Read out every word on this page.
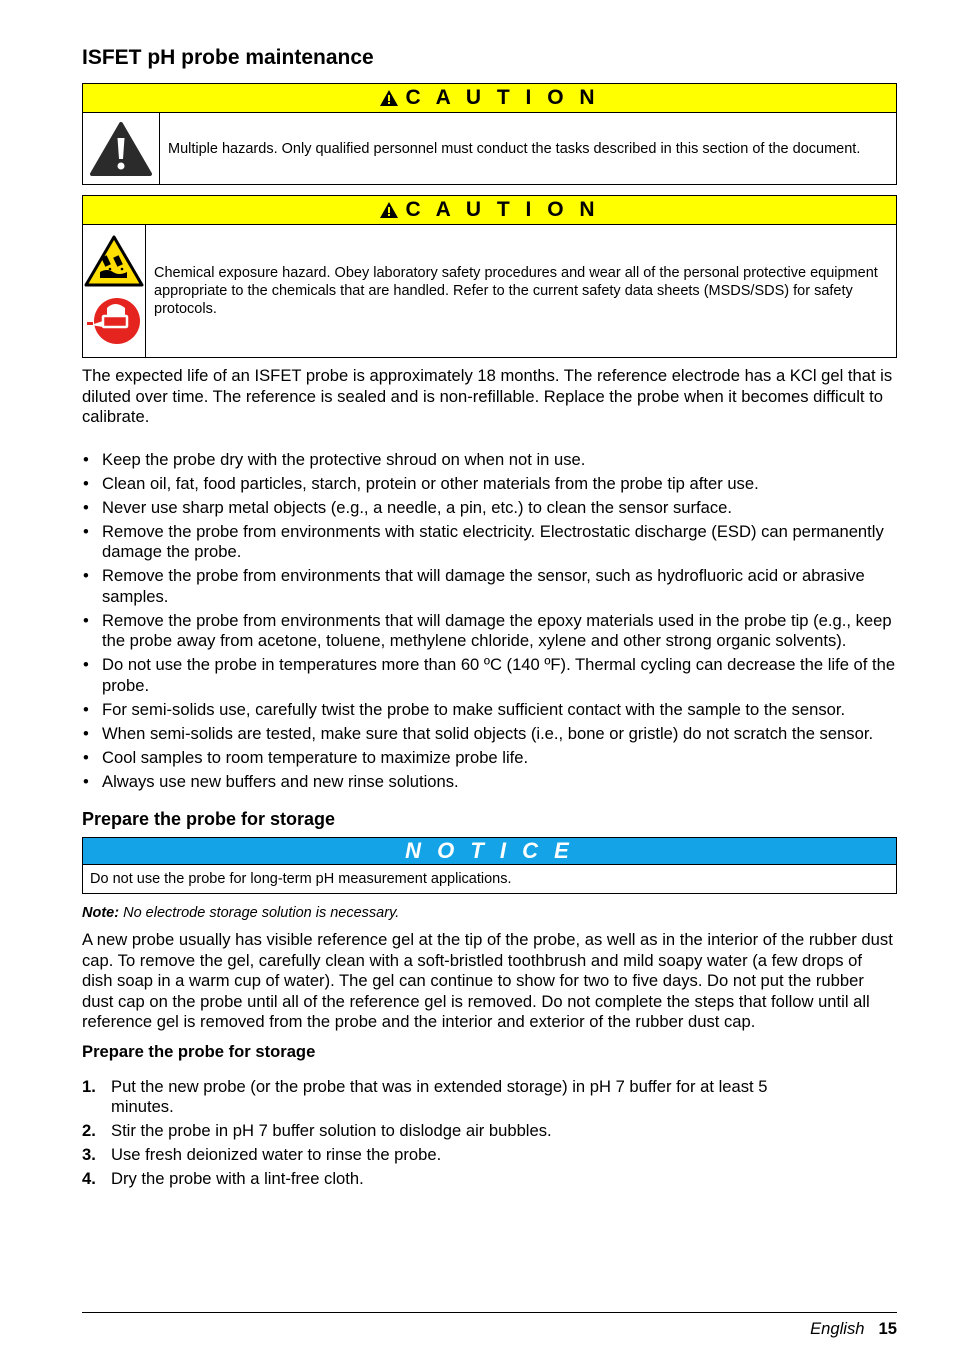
ISFET pH probe maintenance
C A U T I O N
Multiple hazards. Only qualified personnel must conduct the tasks described in this section of the document.
C A U T I O N
Chemical exposure hazard. Obey laboratory safety procedures and wear all of the personal protective equipment appropriate to the chemicals that are handled. Refer to the current safety data sheets (MSDS/SDS) for safety protocols.

The expected life of an ISFET probe is approximately 18 months. The reference electrode has a KCl gel that is diluted over time. The reference is sealed and is non-refillable. Replace the probe when it becomes difficult to calibrate.

• Keep the probe dry with the protective shroud on when not in use.
• Clean oil, fat, food particles, starch, protein or other materials from the probe tip after use.
• Never use sharp metal objects (e.g., a needle, a pin, etc.) to clean the sensor surface.
• Remove the probe from environments with static electricity. Electrostatic discharge (ESD) can permanently damage the probe.
• Remove the probe from environments that will damage the sensor, such as hydrofluoric acid or abrasive samples.
• Remove the probe from environments that will damage the epoxy materials used in the probe tip (e.g., keep the probe away from acetone, toluene, methylene chloride, xylene and other strong organic solvents).
• Do not use the probe in temperatures more than 60 ºC (140 ºF). Thermal cycling can decrease the life of the probe.
• For semi-solids use, carefully twist the probe to make sufficient contact with the sample to the sensor.
• When semi-solids are tested, make sure that solid objects (i.e., bone or gristle) do not scratch the sensor.
• Cool samples to room temperature to maximize probe life.
• Always use new buffers and new rinse solutions.
Prepare the probe for storage
N O T I C E
Do not use the probe for long-term pH measurement applications.
Note: No electrode storage solution is necessary.

A new probe usually has visible reference gel at the tip of the probe, as well as in the interior of the rubber dust cap. To remove the gel, carefully clean with a soft-bristled toothbrush and mild soapy water (a few drops of dish soap in a warm cup of water). The gel can continue to show for two to five days. Do not put the rubber dust cap on the probe until all of the reference gel is removed. Do not complete the steps that follow until all reference gel is removed from the probe and the interior and exterior of the rubber dust cap.

Prepare the probe for storage
1. Put the new probe (or the probe that was in extended storage) in pH 7 buffer for at least 5 minutes.
2. Stir the probe in pH 7 buffer solution to dislodge air bubbles.
3. Use fresh deionized water to rinse the probe.
4. Dry the probe with a lint-free cloth.
English 15
